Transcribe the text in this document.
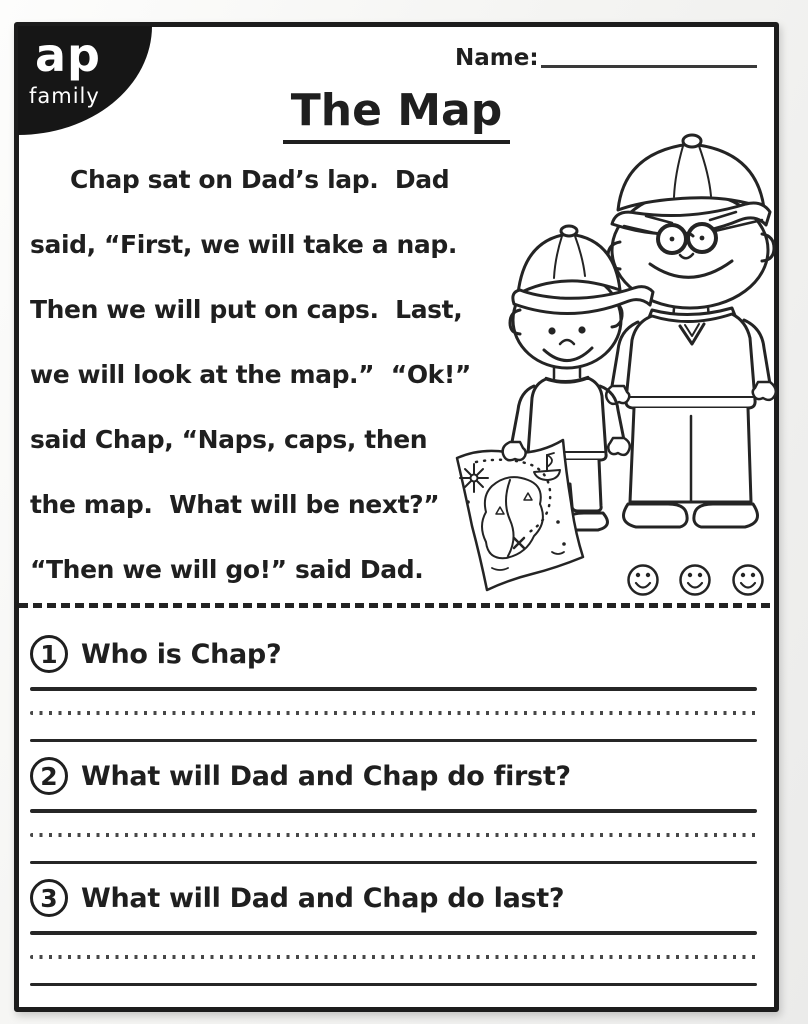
ap
family
Name:
The Map
Chap sat on Dad’s lap.  Dad
said, “First, we will take a nap.
Then we will put on caps.  Last,
we will look at the map.”  “Ok!”
said Chap, “Naps, caps, then
the map.  What will be next?”
“Then we will go!” said Dad.
1 Who is Chap?
2 What will Dad and Chap do first?
3 What will Dad and Chap do last?
